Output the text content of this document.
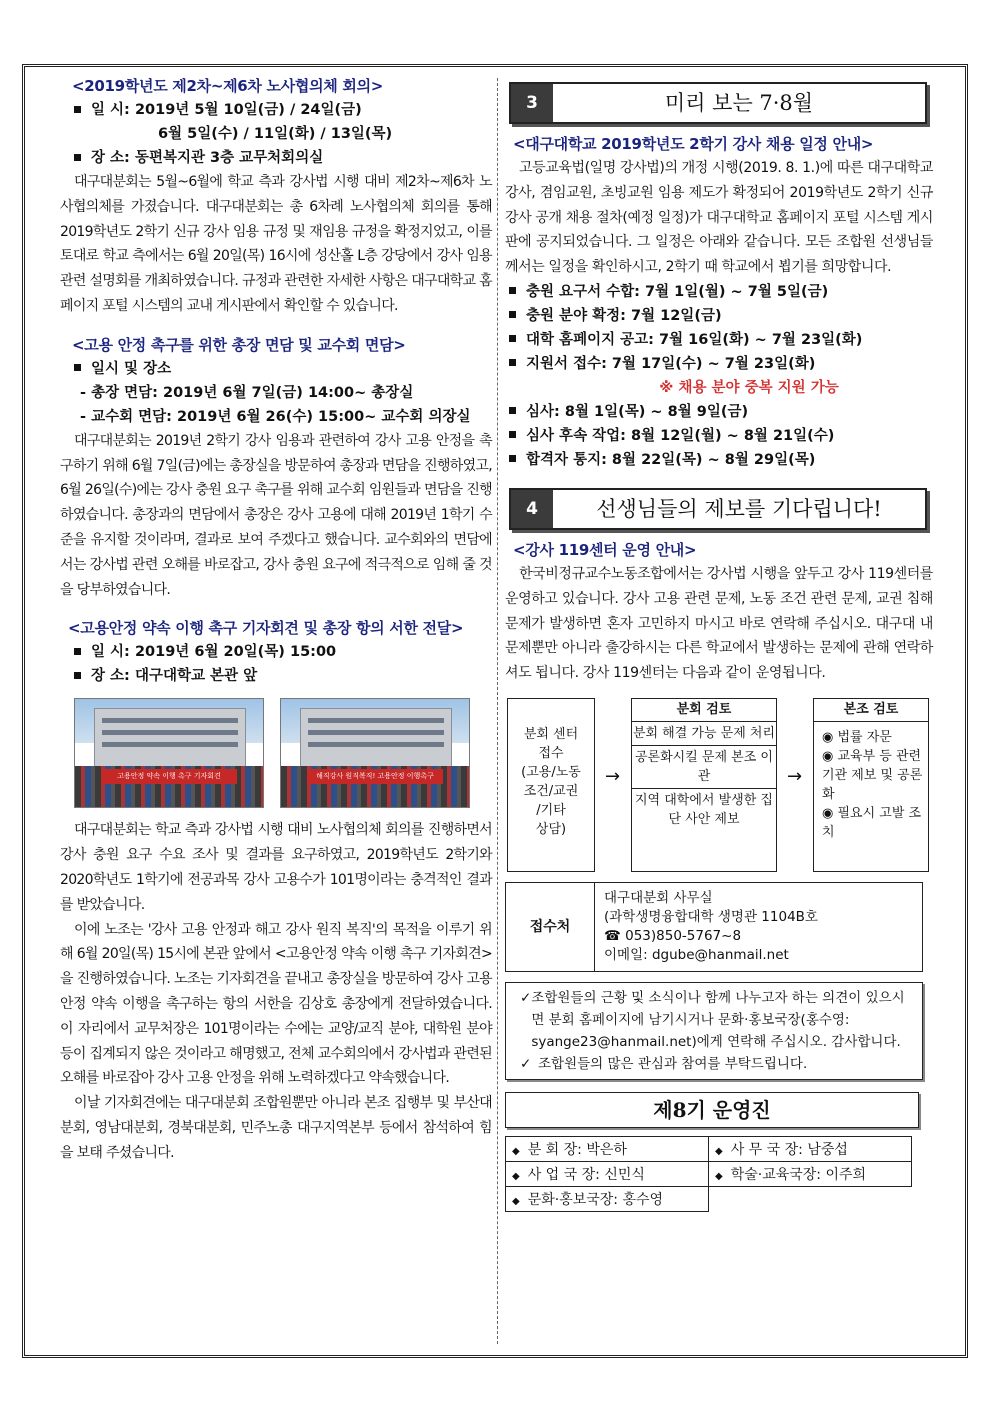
<2019학년도 제2차~제6차 노사협의체 회의>

일 시: 2019년 5월 10일(금) / 24일(금)

6월 5일(수) / 11일(화) / 13일(목)

장 소: 동편복지관 3층 교무처회의실

대구대분회는 5월~6월에 학교 측과 강사법 시행 대비 제2차~제6차 노사협의체를 가졌습니다. 대구대분회는 총 6차례 노사협의체 회의를 통해 2019학년도 2학기 신규 강사 임용 규정 및 재임용 규정을 확정지었고, 이를 토대로 학교 측에서는 6월 20일(목) 16시에 성산홀 L층 강당에서 강사 임용 관련 설명회를 개최하였습니다. 규정과 관련한 자세한 사항은 대구대학교 홈페이지 포털 시스템의 교내 게시판에서 확인할 수 있습니다.

<고용 안정 촉구를 위한 총장 면담 및 교수회 면담>

일시 및 장소

- 총장 면담: 2019년 6월 7일(금) 14:00~ 총장실

- 교수회 면담: 2019년 6월 26(수) 15:00~ 교수회 의장실

대구대분회는 2019년 2학기 강사 임용과 관련하여 강사 고용 안정을 촉구하기 위해 6월 7일(금)에는 총장실을 방문하여 총장과 면담을 진행하였고, 6월 26일(수)에는 강사 충원 요구 촉구를 위해 교수회 임원들과 면담을 진행하였습니다. 총장과의 면담에서 총장은 강사 고용에 대해 2019년 1학기 수준을 유지할 것이라며, 결과로 보여 주겠다고 했습니다. 교수회와의 면담에서는 강사법 관련 오해를 바로잡고, 강사 충원 요구에 적극적으로 임해 줄 것을 당부하였습니다.

<고용안정 약속 이행 촉구 기자회견 및 총장 항의 서한 전달>

일 시: 2019년 6월 20일(목) 15:00

장 소: 대구대학교 본관 앞

고용안정 약속 이행 촉구 기자회견	해직강사 원직복직! 고용안정 이행촉구

대구대분회는 학교 측과 강사법 시행 대비 노사협의체 회의를 진행하면서 강사 충원 요구 수요 조사 및 결과를 요구하였고, 2019학년도 2학기와 2020학년도 1학기에 전공과목 강사 고용수가 101명이라는 충격적인 결과를 받았습니다.

이에 노조는 '강사 고용 안정과 해고 강사 원직 복직'의 목적을 이루기 위해 6월 20일(목) 15시에 본관 앞에서 <고용안정 약속 이행 촉구 기자회견>을 진행하였습니다. 노조는 기자회견을 끝내고 총장실을 방문하여 강사 고용 안정 약속 이행을 촉구하는 항의 서한을 김상호 총장에게 전달하였습니다. 이 자리에서 교무처장은 101명이라는 수에는 교양/교직 분야, 대학원 분야 등이 집계되지 않은 것이라고 해명했고, 전체 교수회의에서 강사법과 관련된 오해를 바로잡아 강사 고용 안정을 위해 노력하겠다고 약속했습니다.

이날 기자회견에는 대구대분회 조합원뿐만 아니라 본조 집행부 및 부산대분회, 영남대분회, 경북대분회, 민주노총 대구지역본부 등에서 참석하여 힘을 보태 주셨습니다.

3	미리 보는 7·8월

<대구대학교 2019학년도 2학기 강사 채용 일정 안내>

고등교육법(일명 강사법)의 개정 시행(2019. 8. 1.)에 따른 대구대학교 강사, 겸임교원, 초빙교원 임용 제도가 확정되어 2019학년도 2학기 신규 강사 공개 채용 절차(예정 일정)가 대구대학교 홈페이지 포털 시스템 게시판에 공지되었습니다. 그 일정은 아래와 같습니다. 모든 조합원 선생님들께서는 일정을 확인하시고, 2학기 때 학교에서 뵙기를 희망합니다.

충원 요구서 수합: 7월 1일(월) ~ 7월 5일(금)

충원 분야 확정: 7월 12일(금)

대학 홈페이지 공고: 7월 16일(화) ~ 7월 23일(화)

지원서 접수: 7월 17일(수) ~ 7월 23일(화)

※ 채용 분야 중복 지원 가능

심사: 8월 1일(목) ~ 8월 9일(금)

심사 후속 작업: 8월 12일(월) ~ 8월 21일(수)

합격자 통지: 8월 22일(목) ~ 8월 29일(목)

4	선생님들의 제보를 기다립니다!

<강사 119센터 운영 안내>

한국비정규교수노동조합에서는 강사법 시행을 앞두고 강사 119센터를 운영하고 있습니다. 강사 고용 관련 문제, 노동 조건 관련 문제, 교권 침해 문제가 발생하면 혼자 고민하지 마시고 바로 연락해 주십시오. 대구대 내 문제뿐만 아니라 출강하시는 다른 학교에서 발생하는 문제에 관해 연락하셔도 됩니다. 강사 119센터는 다음과 같이 운영됩니다.

분회 센터
접수
(고용/노동
조건/교권
/기타
상담)
→
분회 검토
분회 해결 가능 문제 처리
공론화시킬 문제 본조 이관
지역 대학에서 발생한 집단 사안 제보
→
본조 검토
◉ 법률 자문
◉ 교육부 등 관련 기관 제보 및 공론화
◉ 필요시 고발 조치
접수처
대구대분회 사무실
(과학생명융합대학 생명관 1104B호
☎ 053)850-5767~8
이메일: dgube@hanmail.net
✓ 조합원들의 근황 및 소식이나 함께 나누고자 하는 의견이 있으시면 분회 홈페이지에 남기시거나 문화·홍보국장(홍수영: syange23@hanmail.net)에게 연락해 주십시오. 감사합니다.
✓ 조합원들의 많은 관심과 참여를 부탁드립니다.
제8기 운영진
◆ 분 회 장: 박은하	◆ 사 무 국 장: 남중섭
◆ 사 업 국 장: 신민식	◆ 학술·교육국장: 이주희
◆ 문화·홍보국장: 홍수영	
